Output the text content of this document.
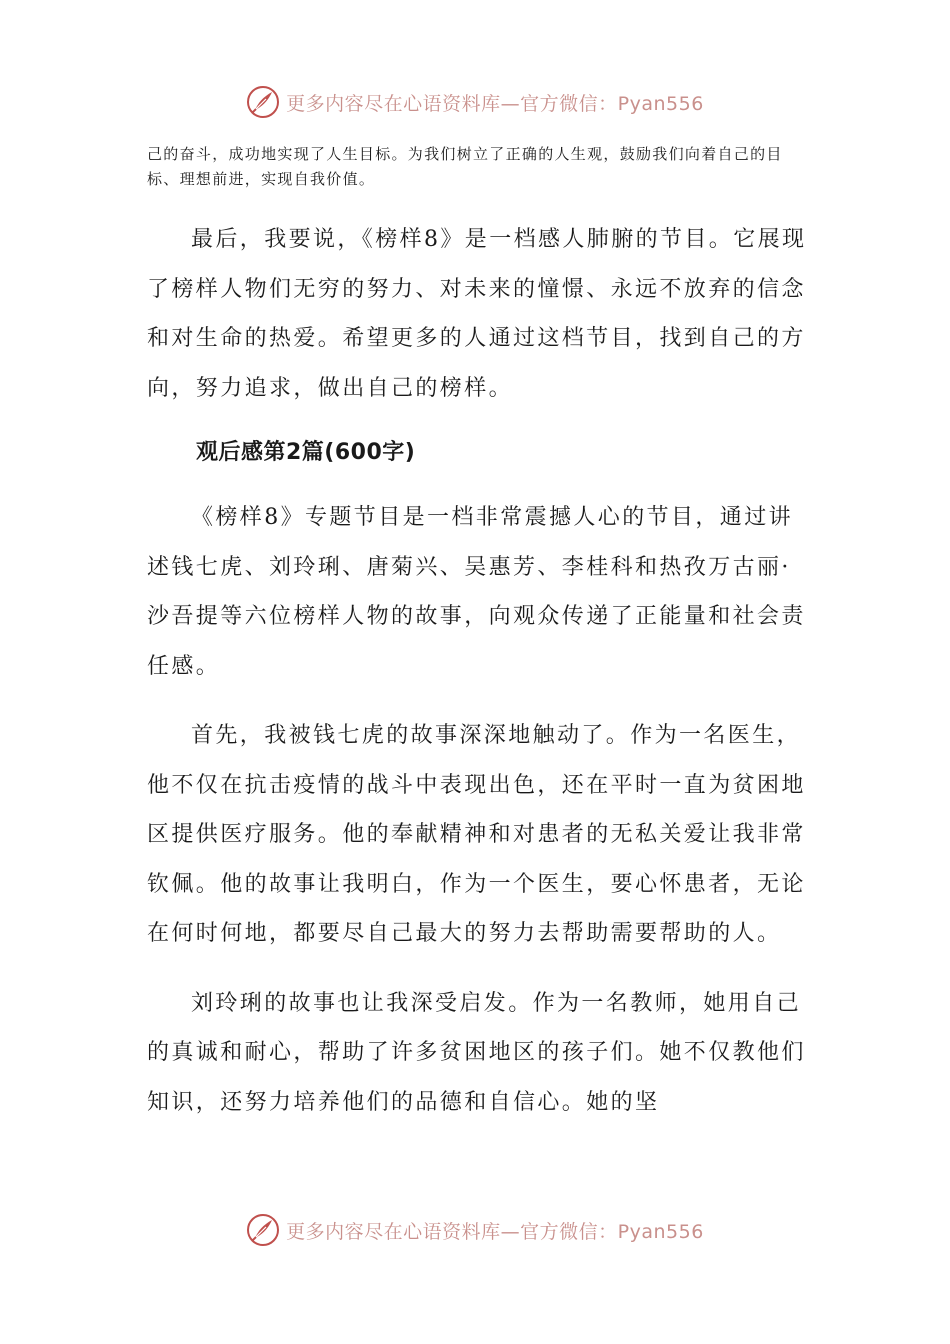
更多内容尽在心语资料库—官方微信：Pyan556

己的奋斗，成功地实现了人生目标。为我们树立了正确的人生观，鼓励我们向着自己的目标、理想前进，实现自我价值。

最后，我要说，《榜样8》是一档感人肺腑的节目。它展现了榜样人物们无穷的努力、对未来的憧憬、永远不放弃的信念和对生命的热爱。希望更多的人通过这档节目，找到自己的方向，努力追求，做出自己的榜样。

观后感第2篇(600字)

《榜样8》专题节目是一档非常震撼人心的节目，通过讲述钱七虎、刘玲琍、唐菊兴、吴惠芳、李桂科和热孜万古丽·沙吾提等六位榜样人物的故事，向观众传递了正能量和社会责任感。

首先，我被钱七虎的故事深深地触动了。作为一名医生，他不仅在抗击疫情的战斗中表现出色，还在平时一直为贫困地区提供医疗服务。他的奉献精神和对患者的无私关爱让我非常钦佩。他的故事让我明白，作为一个医生，要心怀患者，无论在何时何地，都要尽自己最大的努力去帮助需要帮助的人。

刘玲琍的故事也让我深受启发。作为一名教师，她用自己的真诚和耐心，帮助了许多贫困地区的孩子们。她不仅教他们知识，还努力培养他们的品德和自信心。她的坚

更多内容尽在心语资料库—官方微信：Pyan556
